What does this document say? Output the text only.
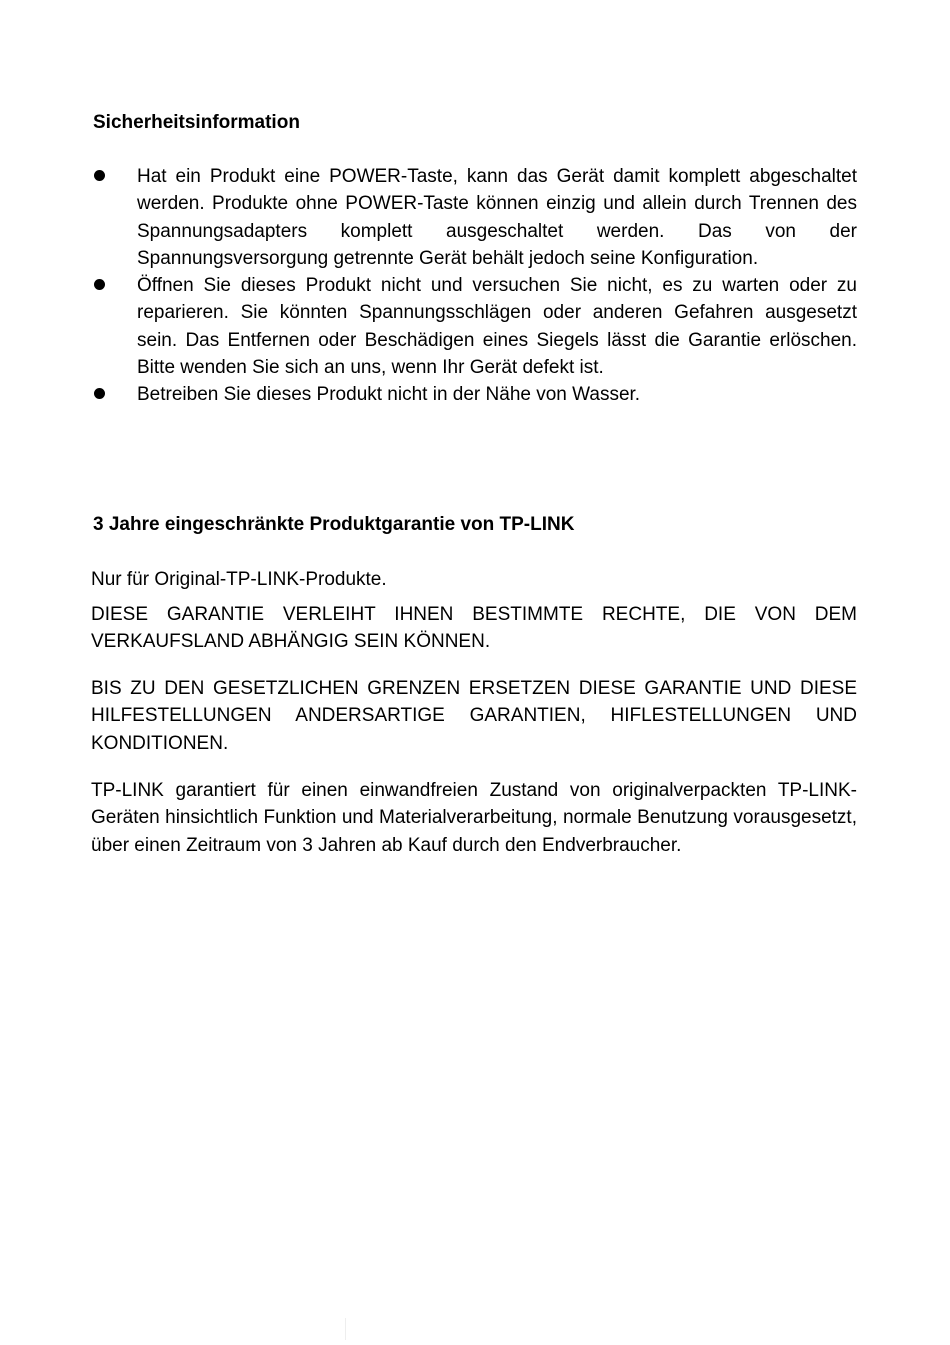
Sicherheitsinformation
Hat ein Produkt eine POWER-Taste, kann das Gerät damit komplett abgeschaltet werden. Produkte ohne POWER-Taste können einzig und allein durch Trennen des Spannungsadapters komplett ausgeschaltet werden. Das von der Spannungsversorgung getrennte Gerät behält jedoch seine Konfiguration.
Öffnen Sie dieses Produkt nicht und versuchen Sie nicht, es zu warten oder zu reparieren. Sie könnten Spannungsschlägen oder anderen Gefahren ausgesetzt sein. Das Entfernen oder Beschädigen eines Siegels lässt die Garantie erlöschen. Bitte wenden Sie sich an uns, wenn Ihr Gerät defekt ist.
Betreiben Sie dieses Produkt nicht in der Nähe von Wasser.
3 Jahre eingeschränkte Produktgarantie von TP-LINK

Nur für Original-TP-LINK-Produkte.

DIESE GARANTIE VERLEIHT IHNEN BESTIMMTE RECHTE, DIE VON DEM VERKAUFSLAND ABHÄNGIG SEIN KÖNNEN.

BIS ZU DEN GESETZLICHEN GRENZEN ERSETZEN DIESE GARANTIE UND DIESE HILFESTELLUNGEN ANDERSARTIGE GARANTIEN, HIFLESTELLUNGEN UND KONDITIONEN.

TP-LINK garantiert für einen einwandfreien Zustand von originalverpackten TP-LINK-Geräten hinsichtlich Funktion und Materialverarbeitung, normale Benutzung vorausgesetzt, über einen Zeitraum von 3 Jahren ab Kauf durch den Endverbraucher.
